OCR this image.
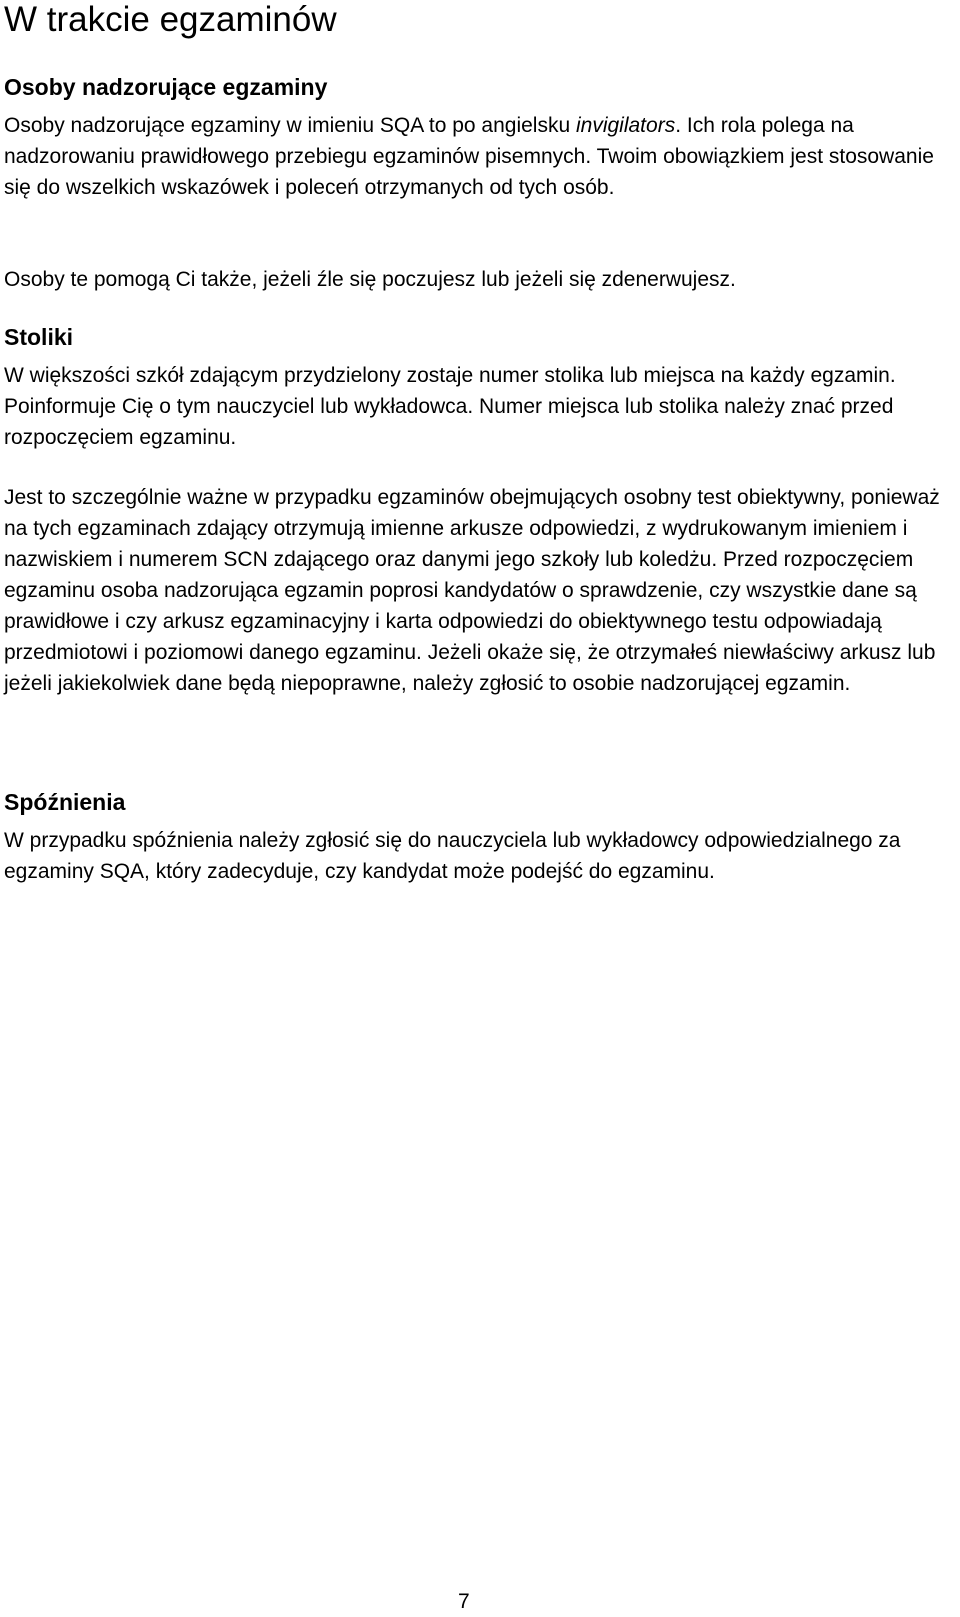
W trakcie egzaminów
Osoby nadzorujące egzaminy

Osoby nadzorujące egzaminy w imieniu SQA to po angielsku invigilators. Ich rola polega na nadzorowaniu prawidłowego przebiegu egzaminów pisemnych. Twoim obowiązkiem jest stosowanie się do wszelkich wskazówek i poleceń otrzymanych od tych osób.

Osoby te pomogą Ci także, jeżeli źle się poczujesz lub jeżeli się zdenerwujesz.

Stoliki

W większości szkół zdającym przydzielony zostaje numer stolika lub miejsca na każdy egzamin. Poinformuje Cię o tym nauczyciel lub wykładowca. Numer miejsca lub stolika należy znać przed rozpoczęciem egzaminu.

Jest to szczególnie ważne w przypadku egzaminów obejmujących osobny test obiektywny, ponieważ na tych egzaminach zdający otrzymują imienne arkusze odpowiedzi, z wydrukowanym imieniem i nazwiskiem i numerem SCN zdającego oraz danymi jego szkoły lub koledżu. Przed rozpoczęciem egzaminu osoba nadzorująca egzamin poprosi kandydatów o sprawdzenie, czy wszystkie dane są prawidłowe i czy arkusz egzaminacyjny i karta odpowiedzi do obiektywnego testu odpowiadają przedmiotowi i poziomowi danego egzaminu. Jeżeli okaże się, że otrzymałeś niewłaściwy arkusz lub jeżeli jakiekolwiek dane będą niepoprawne, należy zgłosić to osobie nadzorującej egzamin.

Spóźnienia

W przypadku spóźnienia należy zgłosić się do nauczyciela lub wykładowcy odpowiedzialnego za egzaminy SQA, który zadecyduje, czy kandydat może podejść do egzaminu.

7
